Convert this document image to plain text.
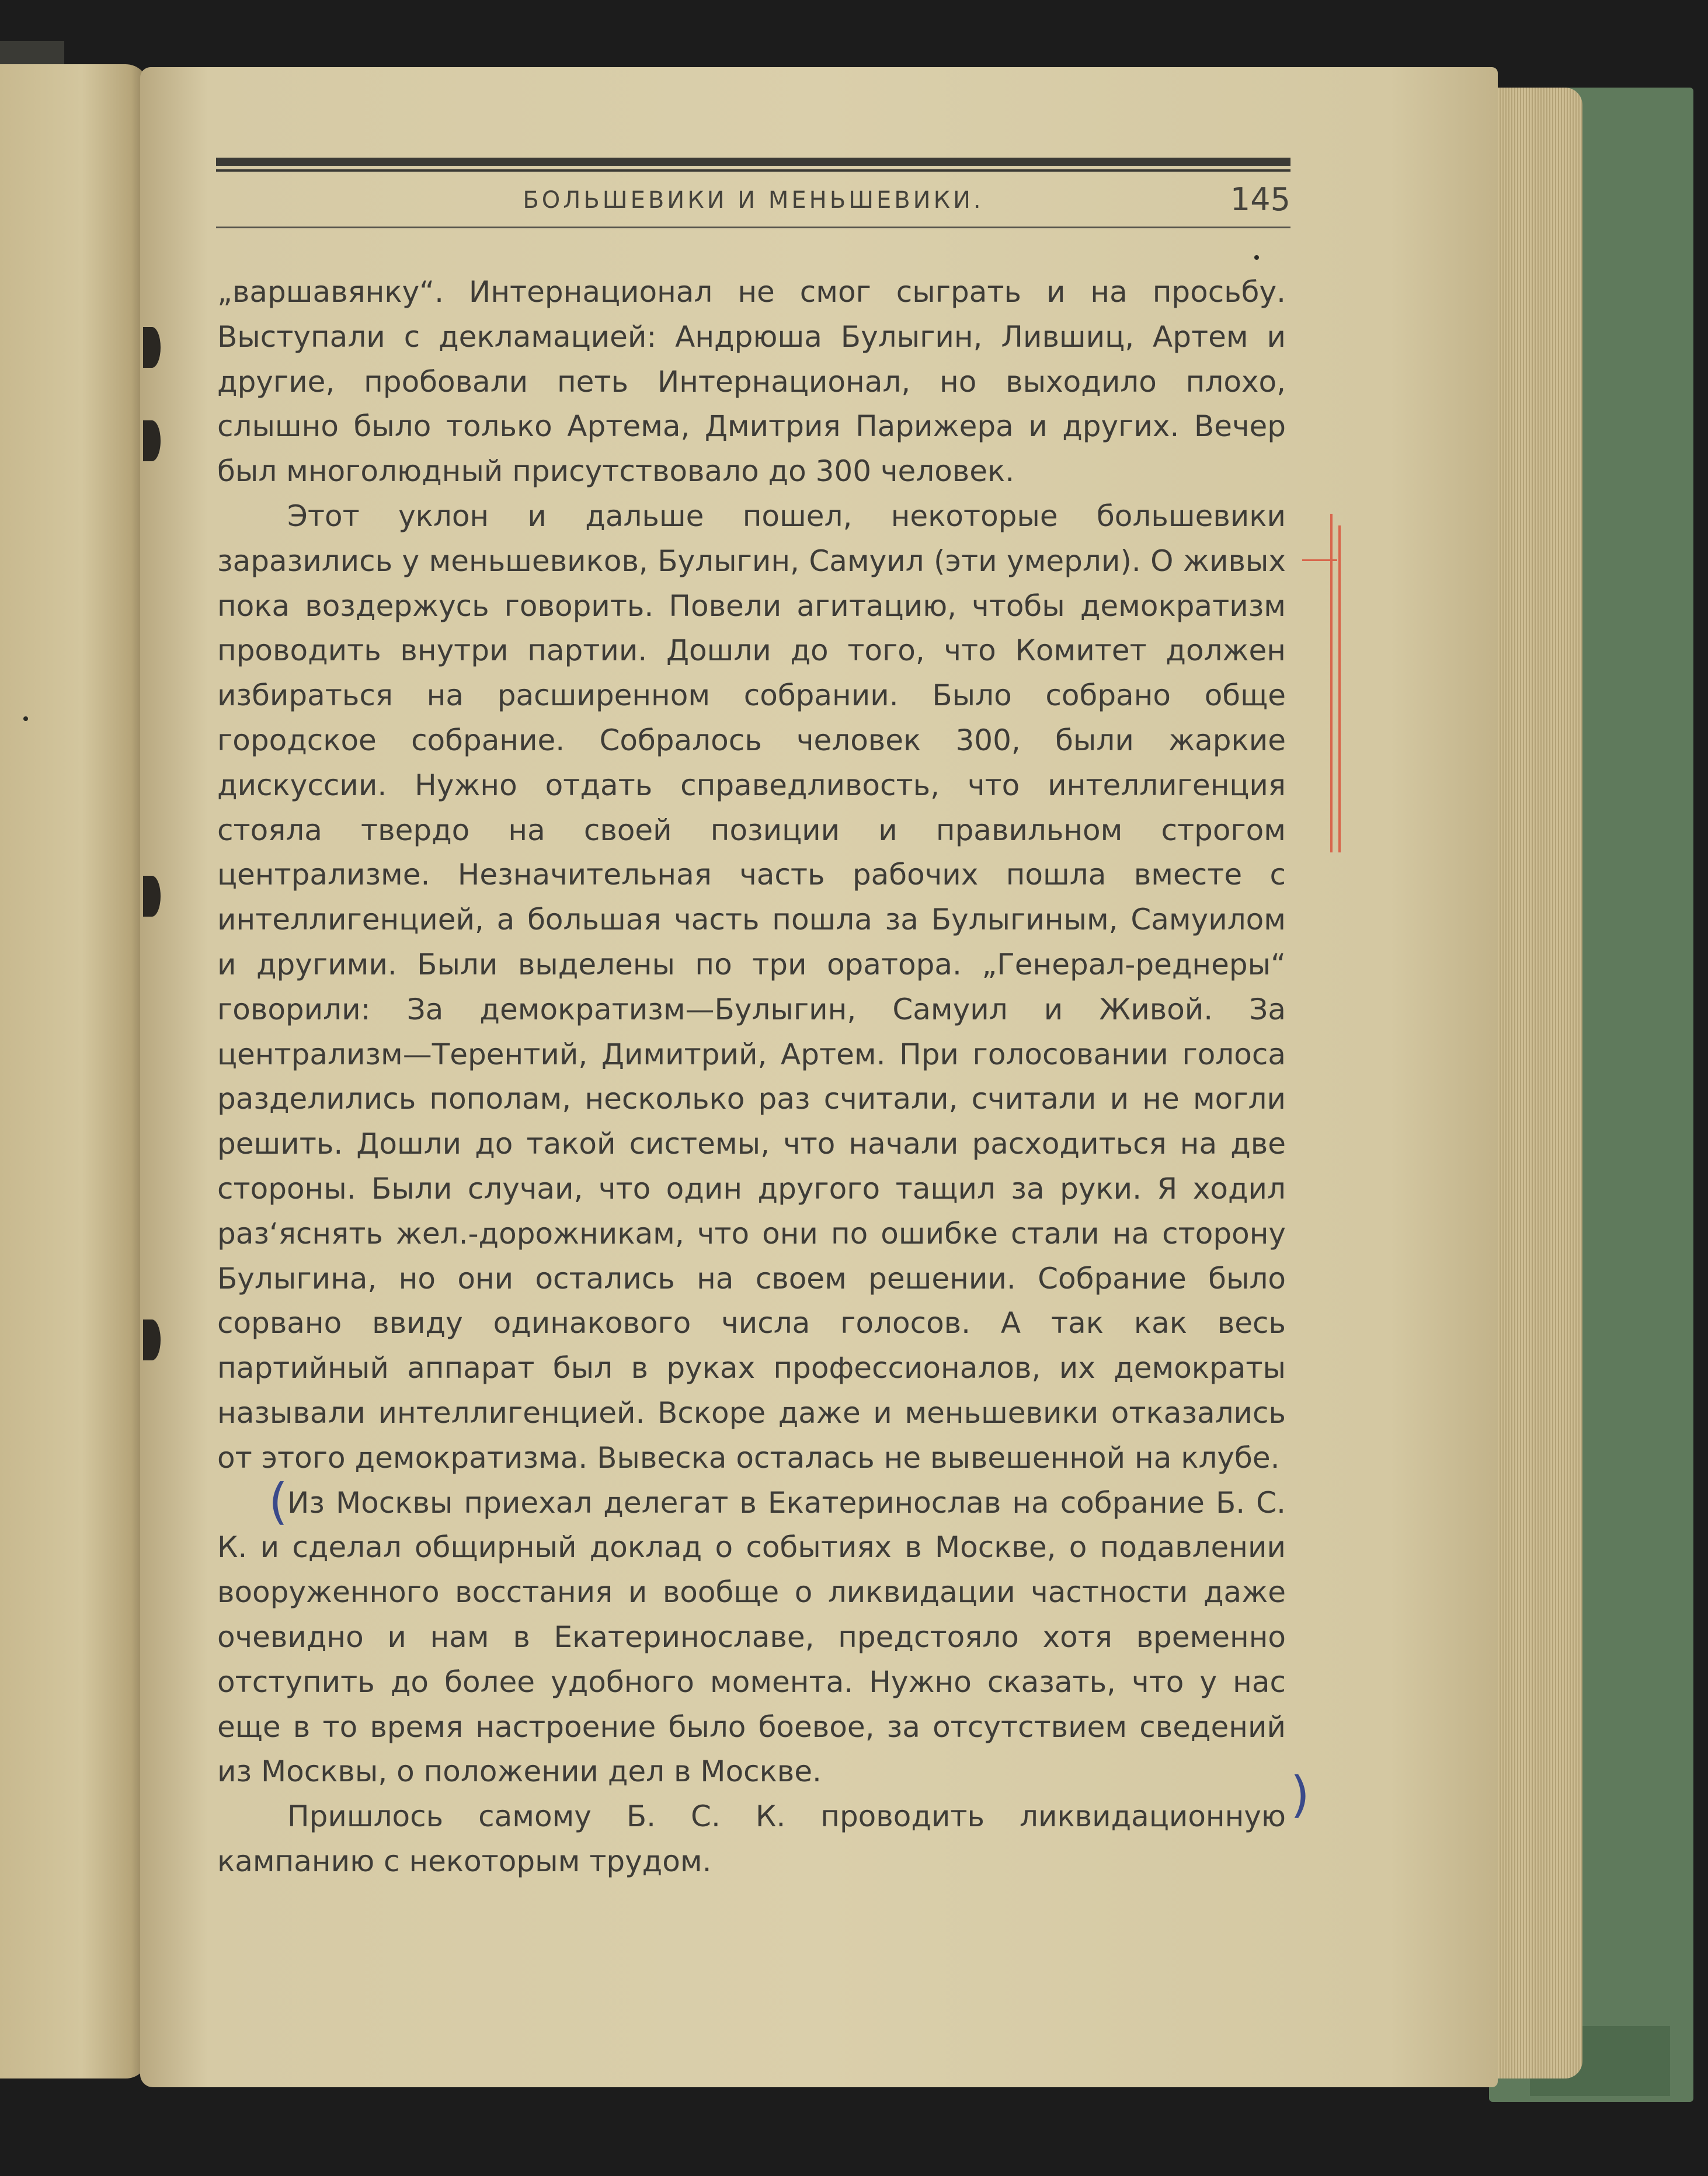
БОЛЬШЕВИКИ И МЕНЬШЕВИКИ.	145

„варшавянку“. Интернационал не смог сыграть и на просьбу. Выступали с декламацией: Андрюша Булыгин, Лившиц, Артем и другие, пробовали петь Интернационал, но выходило плохо, слышно было только Артема, Дмитрия Парижера и других. Вечер был многолюдный присутствовало до 300 человек.

Этот уклон и дальше пошел, некоторые большевики заразились у меньшевиков, Булыгин, Самуил (эти умерли). О живых пока воздержусь говорить. Повели агитацию, чтобы демократизм проводить внутри партии. Дошли до того, что Комитет должен избираться на расширенном собрании. Было собрано обще городское собрание. Собралось человек 300, были жаркие дискуссии. Нужно отдать справедливость, что интеллигенция стояла твердо на своей позиции и правильном строгом централизме. Незначительная часть рабочих пошла вместе с интеллигенцией, а большая часть пошла за Булыгиным, Самуилом и другими. Были выделены по три оратора. „Генерал-реднеры“ говорили: За демократизм—Булыгин, Самуил и Живой. За централизм—Терентий, Димитрий, Артем. При голосовании голоса разделились пополам, несколько раз считали, считали и не могли решить. Дошли до такой системы, что начали расходиться на две стороны. Были случаи, что один другого тащил за руки. Я ходил раз‘яснять жел.-дорожникам, что они по ошибке стали на сторону Булыгина, но они остались на своем решении. Собрание было сорвано ввиду одинакового числа голосов. А так как весь партийный аппарат был в руках профессионалов, их демократы называли интеллигенцией. Вскоре даже и меньшевики отказались от этого демократизма. Вывеска осталась не вывешенной на клубе.

( Из Москвы приехал делегат в Екатеринослав на собрание Б. С. К. и сделал общирный доклад о событиях в Москве, о подавлении вооруженного восстания и вообще о ликвидации частности даже очевидно и нам в Екатеринославе, предстояло хотя временно отступить до более удобного момента. Нужно сказать, что у нас еще в то время настроение было боевое, за отсутствием сведений из Москвы, о положении дел в Москве.	)

Пришлось самому Б. С. К. проводить ликвидационную кампанию с некоторым трудом.
